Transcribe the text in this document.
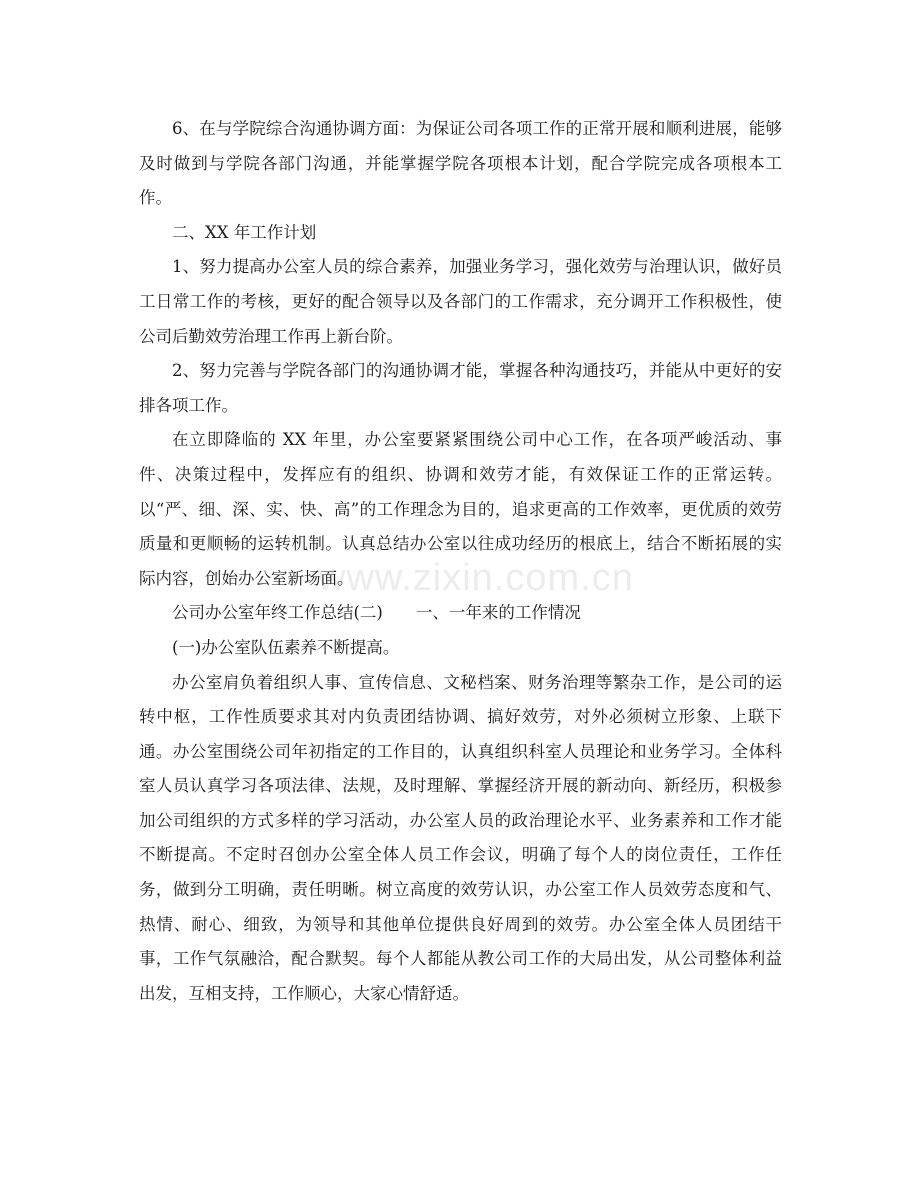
www.zixin.com.cn

6、在与学院综合沟通协调方面：为保证公司各项工作的正常开展和顺利进展，能够及时做到与学院各部门沟通，并能掌握学院各项根本计划，配合学院完成各项根本工作。

二、XX 年工作计划

1、努力提高办公室人员的综合素养，加强业务学习，强化效劳与治理认识，做好员工日常工作的考核，更好的配合领导以及各部门的工作需求，充分调开工作积极性，使公司后勤效劳治理工作再上新台阶。

2、努力完善与学院各部门的沟通协调才能，掌握各种沟通技巧，并能从中更好的安排各项工作。

在立即降临的 XX 年里，办公室要紧紧围绕公司中心工作，在各项严峻活动、事件、决策过程中，发挥应有的组织、协调和效劳才能，有效保证工作的正常运转。以“严、细、深、实、快、高”的工作理念为目的，追求更高的工作效率，更优质的效劳质量和更顺畅的运转机制。认真总结办公室以往成功经历的根底上，结合不断拓展的实际内容，创始办公室新场面。

公司办公室年终工作总结(二)　　一、一年来的工作情况

(一)办公室队伍素养不断提高。

办公室肩负着组织人事、宣传信息、文秘档案、财务治理等繁杂工作，是公司的运转中枢，工作性质要求其对内负责团结协调、搞好效劳，对外必须树立形象、上联下通。办公室围绕公司年初指定的工作目的，认真组织科室人员理论和业务学习。全体科室人员认真学习各项法律、法规，及时理解、掌握经济开展的新动向、新经历，积极参加公司组织的方式多样的学习活动，办公室人员的政治理论水平、业务素养和工作才能不断提高。不定时召创办公室全体人员工作会议，明确了每个人的岗位责任，工作任务，做到分工明确，责任明晰。树立高度的效劳认识，办公室工作人员效劳态度和气、热情、耐心、细致，为领导和其他单位提供良好周到的效劳。办公室全体人员团结干事，工作气氛融洽，配合默契。每个人都能从教公司工作的大局出发，从公司整体利益出发，互相支持，工作顺心，大家心情舒适。
